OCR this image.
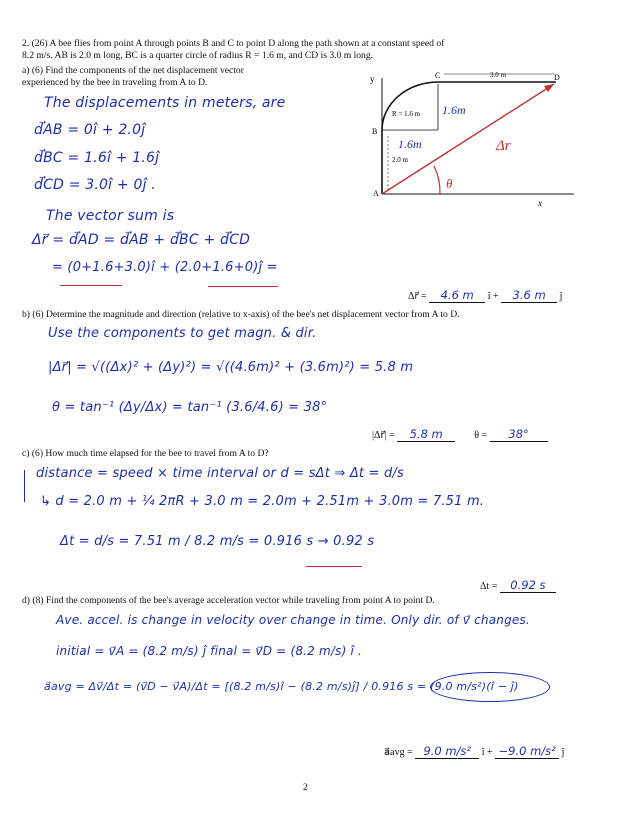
2. (26) A bee flies from point A through points B and C to point D along the path shown at a constant speed of
8.2 m/s. AB is 2.0 m long, BC is a quarter circle of radius R = 1.6 m, and CD is 3.0 m long.
a) (6) Find the components of the net displacement vector
experienced by the bee in traveling from A to D.	y
x
A
B
C	D
3.0 m
R = 1.6 m
2.0 m
1.6m
1.6m	Δr⃗
θ
The displacements in meters, are
d⃗AB = 0î + 2.0ĵ
d⃗BC = 1.6î + 1.6ĵ
d⃗CD = 3.0î + 0ĵ .
The vector sum is
Δr⃗ = d⃗AD = d⃗AB + d⃗BC + d⃗CD
= (0+1.6+3.0)î + (2.0+1.6+0)ĵ =
Δr⃗ = 4.6 m î + 3.6 m ĵ
b) (6) Determine the magnitude and direction (relative to x-axis) of the bee's net displacement vector from A to D.
Use the components to get magn. & dir.
|Δr⃗| = √((Δx)² + (Δy)²) = √((4.6m)² + (3.6m)²) = 5.8 m
θ = tan⁻¹ (Δy/Δx) = tan⁻¹ (3.6/4.6) = 38°
|Δr⃗| = 5.8 m	θ = 38°
c) (6) How much time elapsed for the bee to travel from A to D?
distance = speed × time interval or d = sΔt ⇒ Δt = d/s
↳ d = 2.0 m + ¼ 2πR + 3.0 m = 2.0m + 2.51m + 3.0m = 7.51 m.
Δt = d/s = 7.51 m / 8.2 m/s = 0.916 s → 0.92 s
Δt = 0.92 s
d) (8) Find the components of the bee's average acceleration vector while traveling from point A to point D.
Ave. accel. is change in velocity over change in time. Only dir. of v⃗ changes.
initial = v⃗A = (8.2 m/s) ĵ final = v⃗D = (8.2 m/s) î .
a⃗avg = Δv⃗/Δt = (v⃗D − v⃗A)/Δt = [(8.2 m/s)î − (8.2 m/s)ĵ] / 0.916 s = (9.0 m/s²)(î − ĵ)
a⃗avg = 9.0 m/s² î + −9.0 m/s² ĵ
2
